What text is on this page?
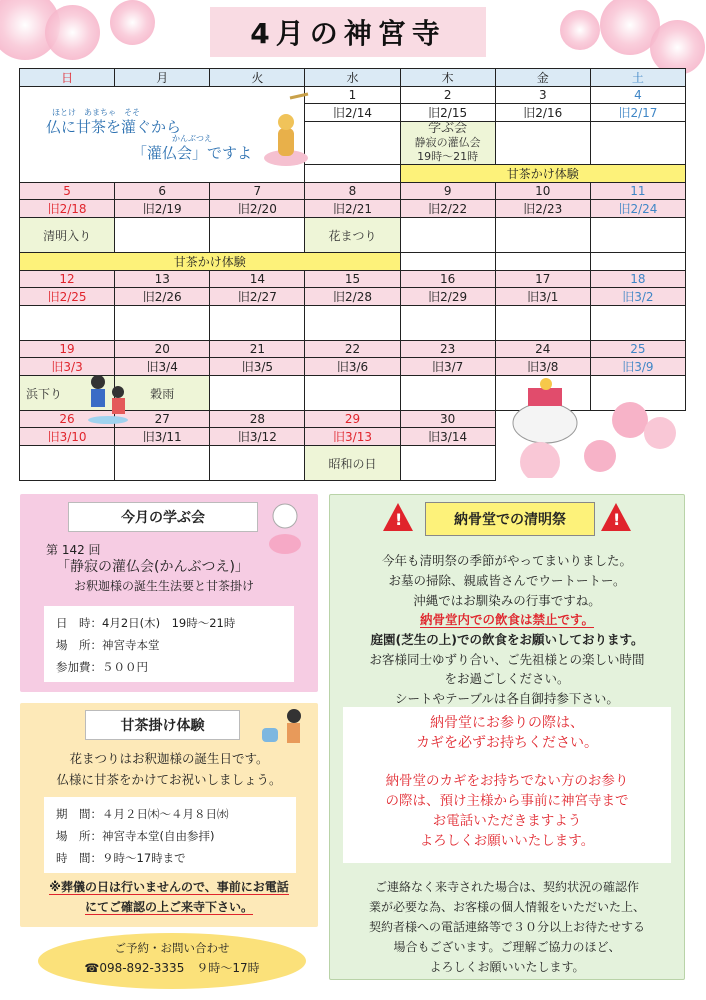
4月の神宮寺
日	月	火	水	木	金	土
			1	2	3	4
			旧2/14	旧2/15	旧2/16	旧2/17

				学ぶ会
静寂の灌仏会
19時～21時		

				甘茶かけ体験		
5	6	7	8	9	10	11
旧2/18	旧2/19	旧2/20	旧2/21	旧2/22	旧2/23	旧2/24
清明入り			花まつり			
甘茶かけ体験						
12	13	14	15	16	17	18
旧2/25	旧2/26	旧2/27	旧2/28	旧2/29	旧3/1	旧3/2

19	20	21	22	23	24	25
旧3/3	旧3/4	旧3/5	旧3/6	旧3/7	旧3/8	旧3/9
浜下り	穀雨					
26	27	28	29	30		
旧3/10	旧3/11	旧3/12	旧3/13	旧3/14		
			昭和の日			
ほとけ　あまちゃ　そそ
仏に甘茶を灌ぐから
かんぶつえ
「灌仏会」ですよ
今月の学ぶ会
第 142 回
「静寂の灌仏会(かんぶつえ)」
お釈迦様の誕生生法要と甘茶掛け
日　時：4月2日(木)　19時～21時
場　所：神宮寺本堂
参加費：５００円
甘茶掛け体験
花まつりはお釈迦様の誕生日です。
仏様に甘茶をかけてお祝いしましょう。
期　間：４月２日㈭～４月８日㈬
場　所：神宮寺本堂(自由参拝)
時　間：９時～17時まで
※葬儀の日は行いませんので、事前にお電話
にてご確認の上ご来寺下さい。
ご予約・お問い合わせ
☎098-892-3335　９時～17時
!	!
納骨堂での清明祭
今年も清明祭の季節がやってまいりました。
お墓の掃除、親戚皆さんでウートートー。
沖縄ではお馴染みの行事ですね。
納骨堂内での飲食は禁止です。
庭園(芝生の上)での飲食をお願いしております。
お客様同士ゆずり合い、ご先祖様との楽しい時間
をお過ごしください。
シートやテーブルは各自御持参下さい。
納骨堂にお参りの際は、
カギを必ずお持ちください。
納骨堂のカギをお持ちでない方のお参り
の際は、預け主様から事前に神宮寺まで
お電話いただきますよう
よろしくお願いいたします。
ご連絡なく来寺された場合は、契約状況の確認作
業が必要な為、お客様の個人情報をいただいた上、
契約者様への電話連絡等で３０分以上お待たせする
場合もございます。ご理解ご協力のほど、
よろしくお願いいたします。
